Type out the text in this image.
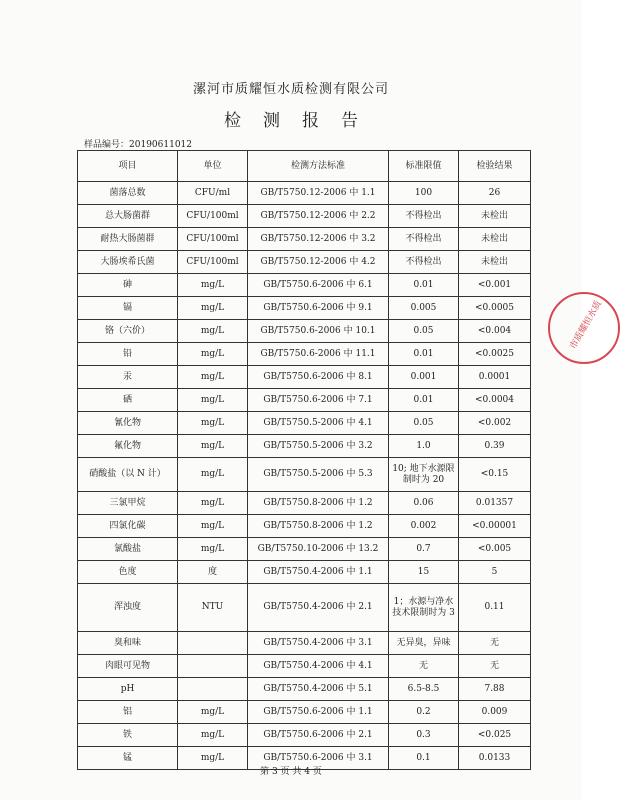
漯河市质耀恒水质检测有限公司
检测报告
样品编号：20190611012
项目	单位	检测方法标准	标准限值	检验结果
菌落总数	CFU/ml	GB/T5750.12-2006 中 1.1	100	26
总大肠菌群	CFU/100ml	GB/T5750.12-2006 中 2.2	不得检出	未检出
耐热大肠菌群	CFU/100ml	GB/T5750.12-2006 中 3.2	不得检出	未检出
大肠埃希氏菌	CFU/100ml	GB/T5750.12-2006 中 4.2	不得检出	未检出
砷	mg/L	GB/T5750.6-2006 中 6.1	0.01	<0.001
镉	mg/L	GB/T5750.6-2006 中 9.1	0.005	<0.0005
铬（六价）	mg/L	GB/T5750.6-2006 中 10.1	0.05	<0.004
铅	mg/L	GB/T5750.6-2006 中 11.1	0.01	<0.0025
汞	mg/L	GB/T5750.6-2006 中 8.1	0.001	0.0001
硒	mg/L	GB/T5750.6-2006 中 7.1	0.01	<0.0004
氰化物	mg/L	GB/T5750.5-2006 中 4.1	0.05	<0.002
氟化物	mg/L	GB/T5750.5-2006 中 3.2	1.0	0.39
硝酸盐（以 N 计）	mg/L	GB/T5750.5-2006 中 5.3	10; 地下水源限制时为 20	<0.15
三氯甲烷	mg/L	GB/T5750.8-2006 中 1.2	0.06	0.01357
四氯化碳	mg/L	GB/T5750.8-2006 中 1.2	0.002	<0.00001
氯酸盐	mg/L	GB/T5750.10-2006 中 13.2	0.7	<0.005
色度	度	GB/T5750.4-2006 中 1.1	15	5
浑浊度	NTU	GB/T5750.4-2006 中 2.1	1；水源与净水技术限制时为 3	0.11
臭和味		GB/T5750.4-2006 中 3.1	无异臭，异味	无
肉眼可见物		GB/T5750.4-2006 中 4.1	无	无
pH		GB/T5750.4-2006 中 5.1	6.5-8.5	7.88
铝	mg/L	GB/T5750.6-2006 中 1.1	0.2	0.009
铁	mg/L	GB/T5750.6-2006 中 2.1	0.3	<0.025
锰	mg/L	GB/T5750.6-2006 中 3.1	0.1	0.0133
第 3 页 共 4 页
市质耀恒水质
